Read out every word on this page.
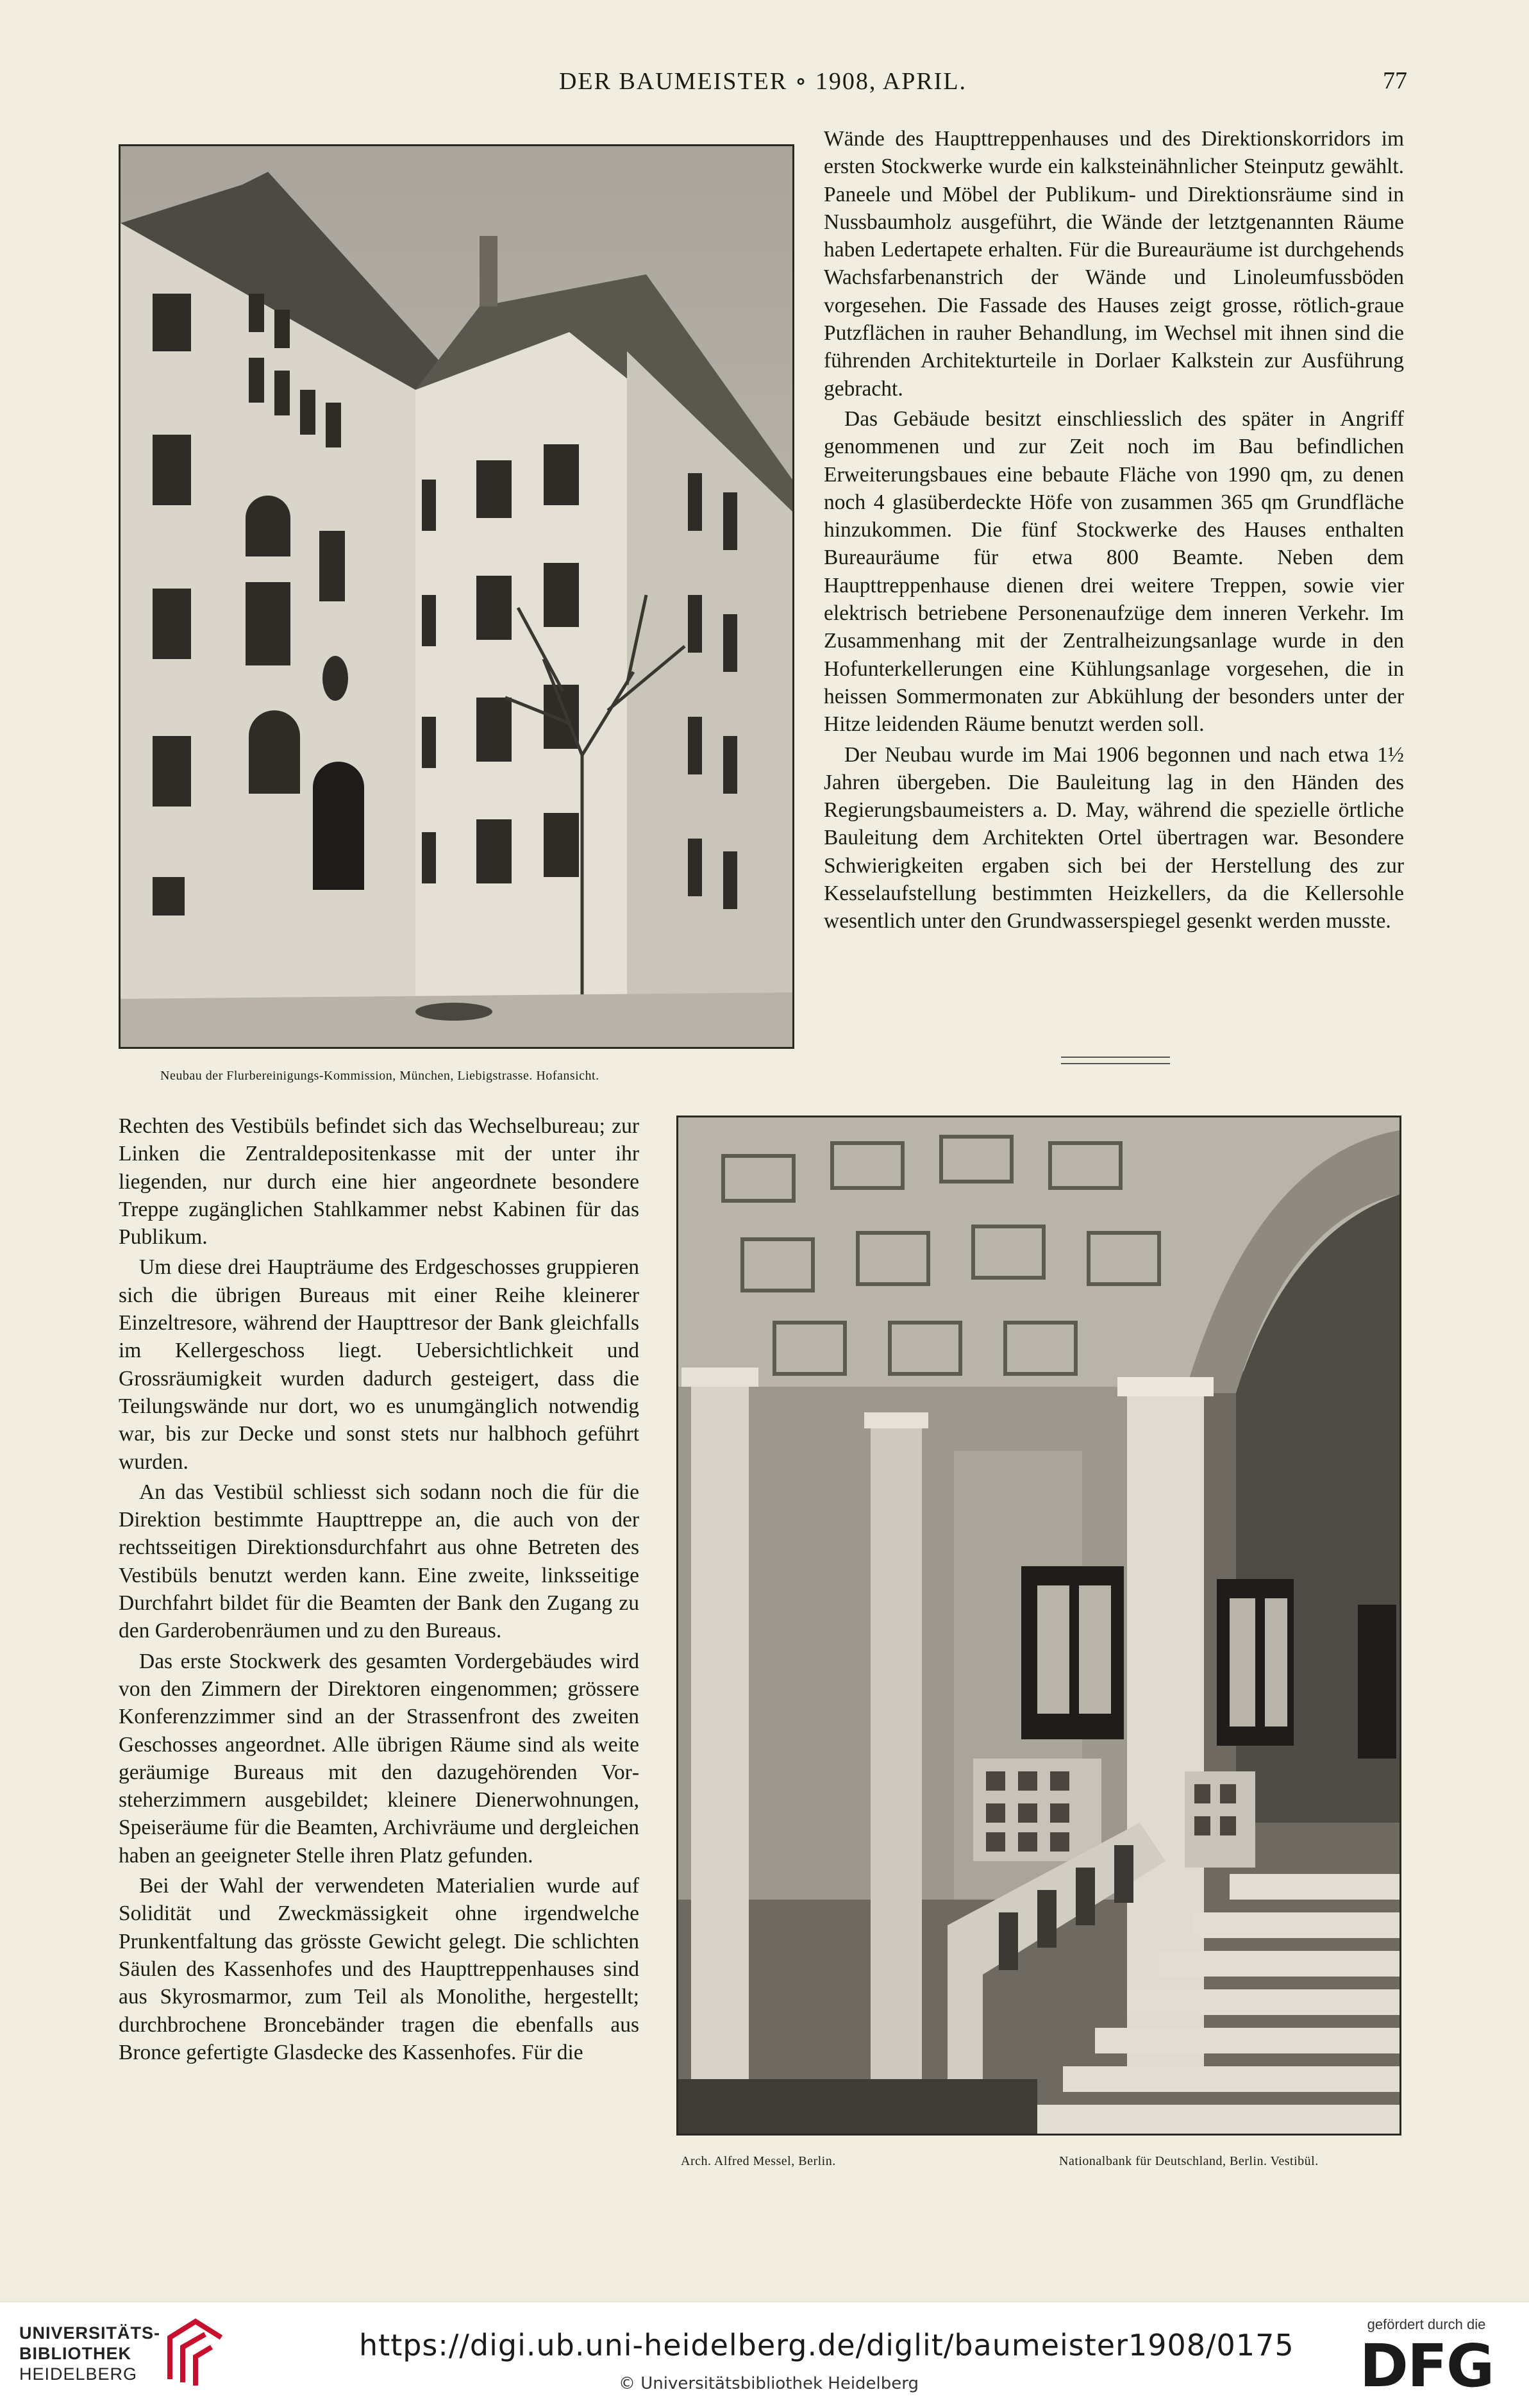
DER BAUMEISTER ∘ 1908, APRIL.	77
Neubau der Flurbereinigungs-Kommission, München, Liebigstrasse. Hofansicht.

Wände des Haupttreppenhauses und des Direktionskorridors im ersten Stockwerke wurde ein kalksteinähnlicher Steinputz gewählt. Paneele und Möbel der Publikum- und Direktionsräume sind in Nussbaumholz ausgeführt, die Wände der letztgenannten Räume haben Ledertapete erhalten. Für die Bureauräume ist durchgehends Wachsfarbenanstrich der Wände und Linoleumfussböden vorgesehen. Die Fassade des Hauses zeigt grosse, rötlich-graue Putzflächen in rauher Behandlung, im Wechsel mit ihnen sind die führenden Architekturteile in Dorlaer Kalkstein zur Ausführung gebracht.

Das Gebäude besitzt einschliesslich des später in Angriff genommenen und zur Zeit noch im Bau befindlichen Erweiterungsbaues eine bebaute Fläche von 1990 qm, zu denen noch 4 glasüberdeckte Höfe von zusammen 365 qm Grundfläche hinzukommen. Die fünf Stockwerke des Hauses enthalten Bureauräume für etwa 800 Beamte. Neben dem Haupttreppenhause dienen drei weitere Treppen, sowie vier elektrisch betriebene Personenaufzüge dem inneren Verkehr. Im Zusammenhang mit der Zentralheizungsanlage wurde in den Hofunterkellerungen eine Kühlungsanlage vorgesehen, die in heissen Sommermonaten zur Abkühlung der besonders unter der Hitze leidenden Räume benutzt werden soll.

Der Neubau wurde im Mai 1906 begonnen und nach etwa 1½ Jahren übergeben. Die Bauleitung lag in den Händen des Regierungsbaumeisters a. D. May, während die spezielle örtliche Bauleitung dem Architekten Ortel übertragen war. Besondere Schwierigkeiten ergaben sich bei der Herstellung des zur Kesselaufstellung bestimmten Heizkellers, da die Kellersohle wesentlich unter den Grundwasserspiegel gesenkt werden musste.

Rechten des Vestibüls befindet sich das Wechselbureau; zur Linken die Zentraldepositenkasse mit der unter ihr liegenden, nur durch eine hier angeordnete besondere Treppe zugänglichen Stahlkammer nebst Kabinen für das Publikum.

Um diese drei Haupträume des Erdgeschosses gruppieren sich die übrigen Bureaus mit einer Reihe kleinerer Einzeltresore, während der Haupttresor der Bank gleichfalls im Kellergeschoss liegt. Uebersichtlichkeit und Grossräumigkeit wurden dadurch gesteigert, dass die Teilungswände nur dort, wo es unumgänglich notwendig war, bis zur Decke und sonst stets nur halbhoch geführt wurden.

An das Vestibül schliesst sich sodann noch die für die Direktion bestimmte Haupttreppe an, die auch von der rechtsseitigen Direktionsdurchfahrt aus ohne Betreten des Vestibüls benutzt werden kann. Eine zweite, linksseitige Durchfahrt bildet für die Beamten der Bank den Zugang zu den Garderobenräumen und zu den Bureaus.

Das erste Stockwerk des gesamten Vordergebäudes wird von den Zimmern der Direktoren eingenommen; grössere Konferenzzimmer sind an der Strassenfront des zweiten Geschosses angeordnet. Alle übrigen Räume sind als weite geräumige Bureaus mit den dazugehörenden Vorsteherzimmern ausgebildet; kleinere Dienerwohnungen, Speiseräume für die Beamten, Archivräume und dergleichen haben an geeigneter Stelle ihren Platz gefunden.

Bei der Wahl der verwendeten Materialien wurde auf Solidität und Zweckmässigkeit ohne irgendwelche Prunkentfaltung das grösste Gewicht gelegt. Die schlichten Säulen des Kassenhofes und des Haupttreppenhauses sind aus Skyrosmarmor, zum Teil als Monolithe, hergestellt; durchbrochene Broncebänder tragen die ebenfalls aus Bronce gefertigte Glasdecke des Kassenhofes. Für die

Arch. Alfred Messel, Berlin.	Nationalbank für Deutschland, Berlin. Vestibül.
UNIVERSITÄTS-
BIBLIOTHEK
HEIDELBERG
https://digi.ub.uni-heidelberg.de/diglit/baumeister1908/0175
© Universitätsbibliothek Heidelberg
gefördert durch die
DFG
